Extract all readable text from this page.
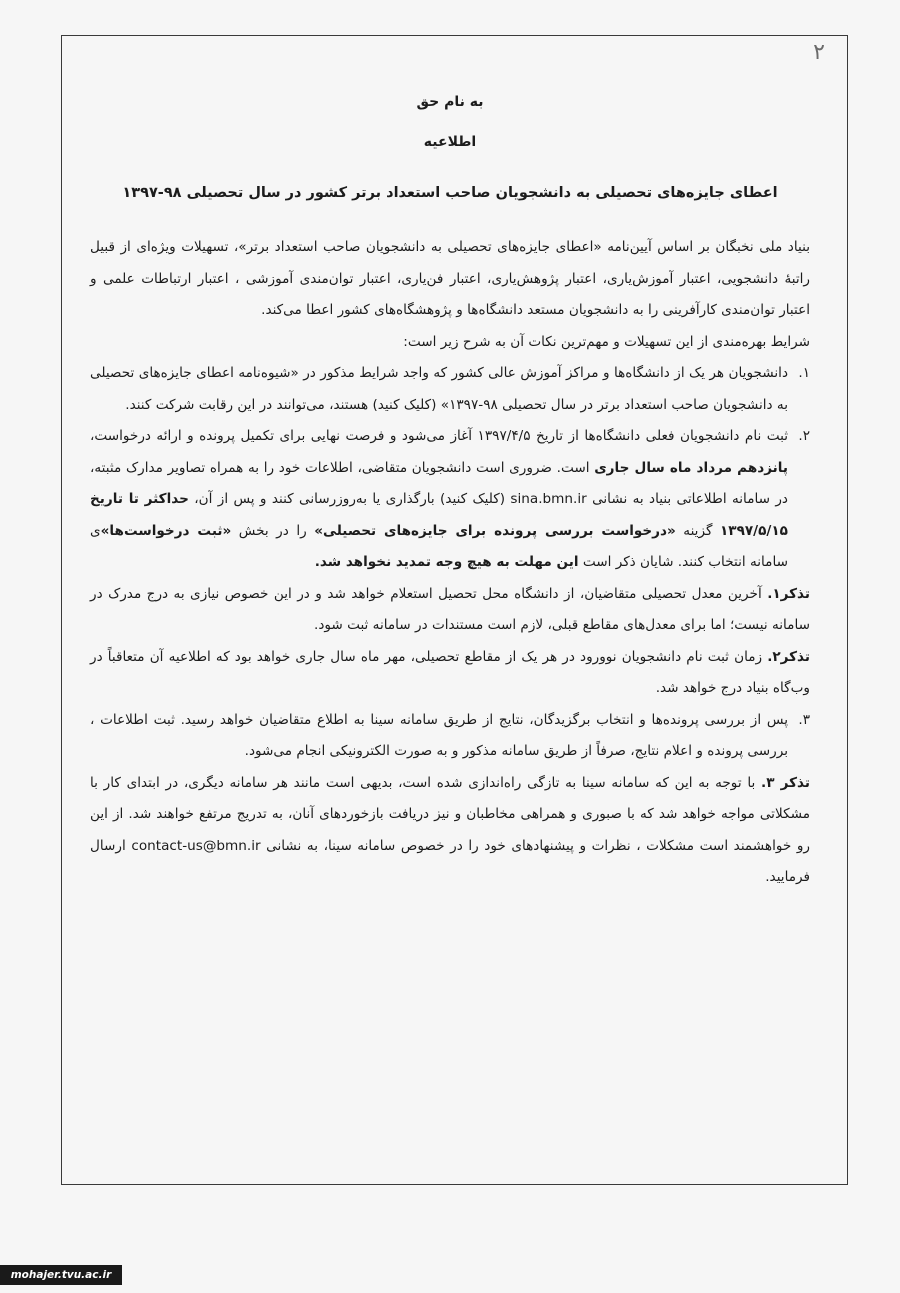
۲

به نام حق

اطلاعیه

اعطای جایزه‌های تحصیلی به دانشجویان صاحب استعداد برتر کشور در سال تحصیلی ۹۸-۱۳۹۷

بنیاد ملی نخبگان بر اساس آیین‌نامه «اعطای جایزه‌های تحصیلی به دانشجویان صاحب استعداد برتر»، تسهیلات ویژه‌ای از قبیل راتبهٔ دانشجویی، اعتبار آموزش‌یاری، اعتبار پژوهش‌یاری، اعتبار فن‌یاری، اعتبار توان‌مندی آموزشی ، اعتبار ارتباطات علمی و اعتبار توان‌مندی کارآفرینی را به دانشجویان مستعد دانشگاه‌ها و پژوهشگاه‌های کشور اعطا می‌کند.

شرایط بهره‌مندی از این تسهیلات و مهم‌ترین نکات آن به شرح زیر است:

۱.
دانشجویان هر یک از دانشگاه‌ها و مراکز آموزش عالی کشور که واجد شرایط مذکور در «شیوه‌نامه اعطای جایزه‌های تحصیلی به دانشجویان صاحب استعداد برتر در سال تحصیلی ۹۸-۱۳۹۷» (کلیک کنید) هستند، می‌توانند در این رقابت شرکت کنند.
۲.
ثبت نام دانشجویان فعلی دانشگاه‌ها از تاریخ ۱۳۹۷/۴/۵ آغاز می‌شود و فرصت نهایی برای تکمیل پرونده و ارائه درخواست، پانزدهم مرداد ماه سال جاری است. ضروری است دانشجویان متقاضی، اطلاعات خود را به همراه تصاویر مدارک مثبته، در سامانه اطلاعاتی بنیاد به نشانی sina.bmn.ir (کلیک کنید) بارگذاری یا به‌روزرسانی کنند و پس از آن، حداکثر تا تاریخ ۱۳۹۷/۵/۱۵ گزینه «درخواست بررسی پرونده برای جایزه‌های تحصیلی» را در بخش «ثبت درخواست‌ها»ی سامانه انتخاب کنند. شایان ذکر است این مهلت به هیچ وجه تمدید نخواهد شد.

تذکر۱. آخرین معدل تحصیلی متقاضیان، از دانشگاه محل تحصیل استعلام خواهد شد و در این خصوص نیازی به درج مدرک در سامانه نیست؛ اما برای معدل‌های مقاطع قبلی، لازم است مستندات در سامانه ثبت شود.

تذکر۲. زمان ثبت نام دانشجویان نوورود در هر یک از مقاطع تحصیلی، مهر ماه سال جاری خواهد بود که اطلاعیه آن متعاقباً در وب‌گاه بنیاد درج خواهد شد.

۳.
پس از بررسی پرونده‌ها و انتخاب برگزیدگان، نتایج از طریق سامانه سینا به اطلاع متقاضیان خواهد رسید. ثبت اطلاعات ، بررسی پرونده و اعلام نتایج، صرفاً از طریق سامانه مذکور و به صورت الکترونیکی انجام می‌شود.

تذکر ۳. با توجه به این که سامانه سینا به تازگی راه‌اندازی شده است، بدیهی است مانند هر سامانه دیگری، در ابتدای کار با مشکلاتی مواجه خواهد شد که با صبوری و همراهی مخاطبان و نیز دریافت بازخوردهای آنان، به تدریج مرتفع خواهند شد. از این رو خواهشمند است مشکلات ، نظرات و پیشنهادهای خود را در خصوص سامانه سینا، به نشانی contact-us@bmn.ir ارسال فرمایید.

mohajer.tvu.ac.ir
